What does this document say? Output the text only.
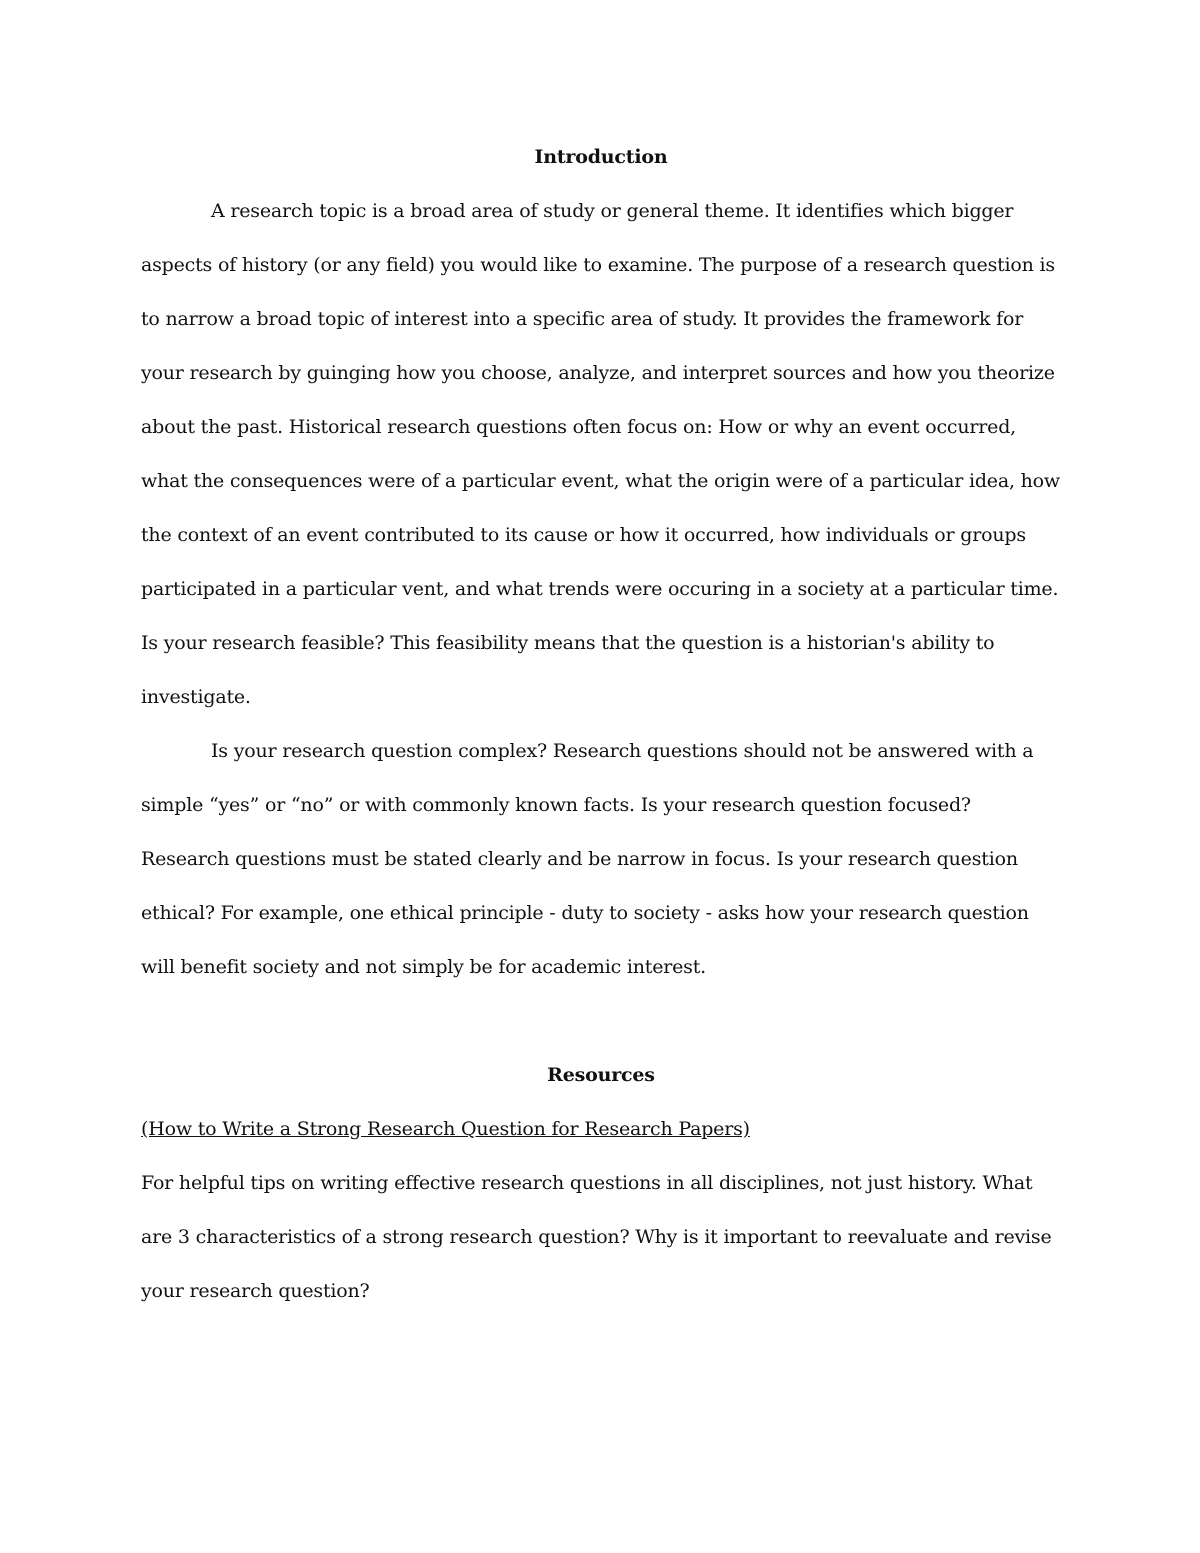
Introduction

A research topic is a broad area of study or general theme. It identifies which bigger aspects of history (or any field) you would like to examine. The purpose of a research question is to narrow a broad topic of interest into a specific area of study. It provides the framework for your research by guinging how you choose, analyze, and interpret sources and how you theorize about the past. Historical research questions often focus on: How or why an event occurred, what the consequences were of a particular event, what the origin were of a particular idea, how the context of an event contributed to its cause or how it occurred, how individuals or groups participated in a particular vent, and what trends were occuring in a society at a particular time. Is your research feasible? This feasibility means that the question is a historian's ability to investigate.

Is your research question complex? Research questions should not be answered with a simple “yes” or “no” or with commonly known facts. Is your research question focused? Research questions must be stated clearly and be narrow in focus. Is your research question ethical? For example, one ethical principle - duty to society - asks how your research question will benefit society and not simply be for academic interest.

Resources

(How to Write a Strong Research Question for Research Papers)

For helpful tips on writing effective research questions in all disciplines, not just history. What are 3 characteristics of a strong research question? Why is it important to reevaluate and revise your research question?
